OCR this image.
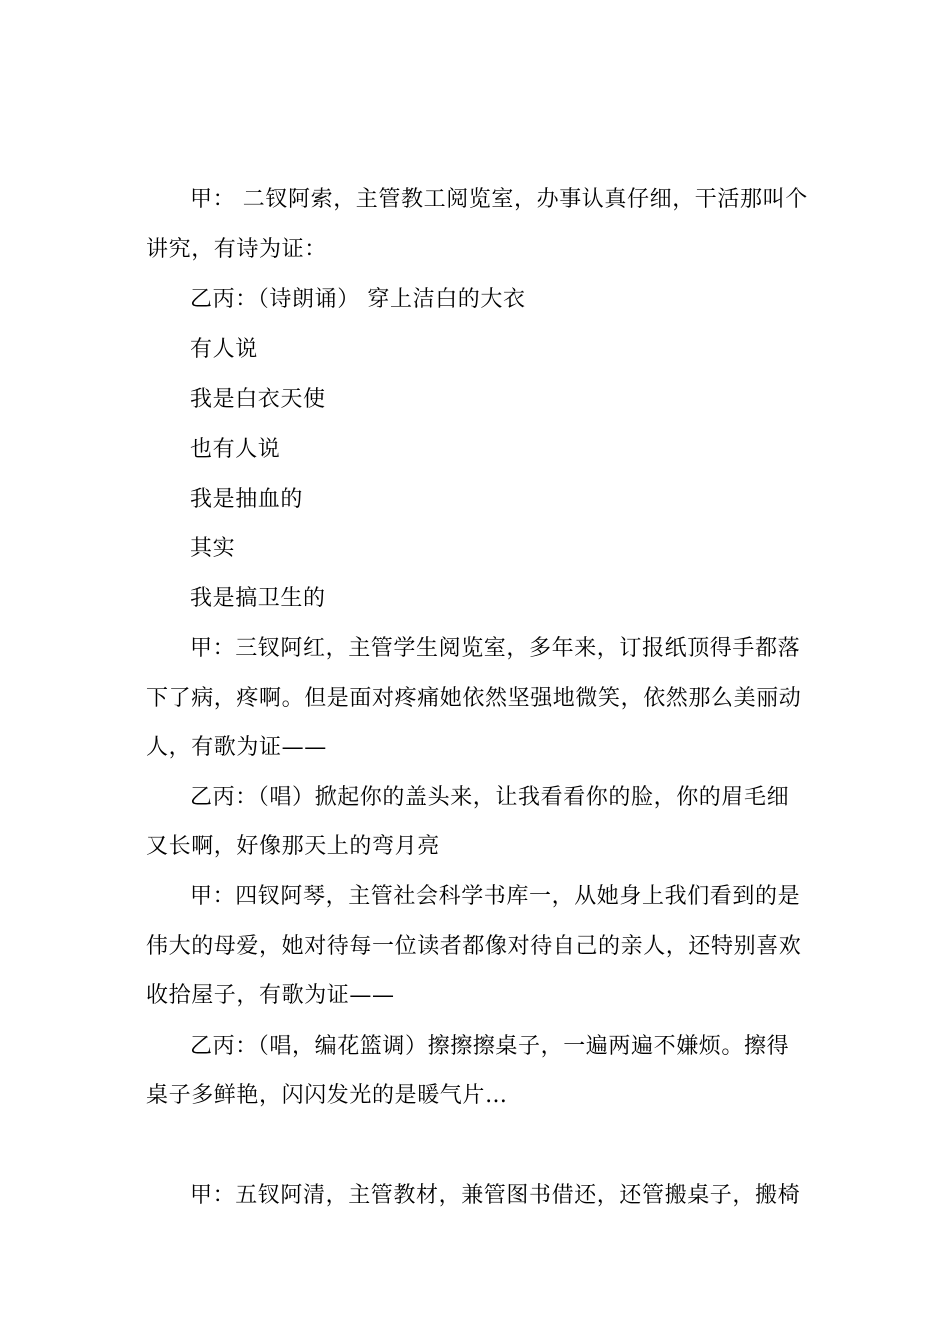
甲： 二钗阿索，主管教工阅览室，办事认真仔细，干活那叫个
讲究，有诗为证：
乙丙：（诗朗诵） 穿上洁白的大衣
有人说
我是白衣天使
也有人说
我是抽血的
其实
我是搞卫生的
甲：三钗阿红，主管学生阅览室，多年来，订报纸顶得手都落
下了病，疼啊。但是面对疼痛她依然坚强地微笑，依然那么美丽动
人，有歌为证——
乙丙：（唱）掀起你的盖头来，让我看看你的脸，你的眉毛细
又长啊，好像那天上的弯月亮
甲：四钗阿琴，主管社会科学书库一，从她身上我们看到的是
伟大的母爱，她对待每一位读者都像对待自己的亲人，还特别喜欢
收拾屋子，有歌为证——
乙丙：（唱，编花篮调）擦擦擦桌子，一遍两遍不嫌烦。擦得
桌子多鲜艳，闪闪发光的是暖气片…
甲：五钗阿清，主管教材，兼管图书借还，还管搬桌子，搬椅
